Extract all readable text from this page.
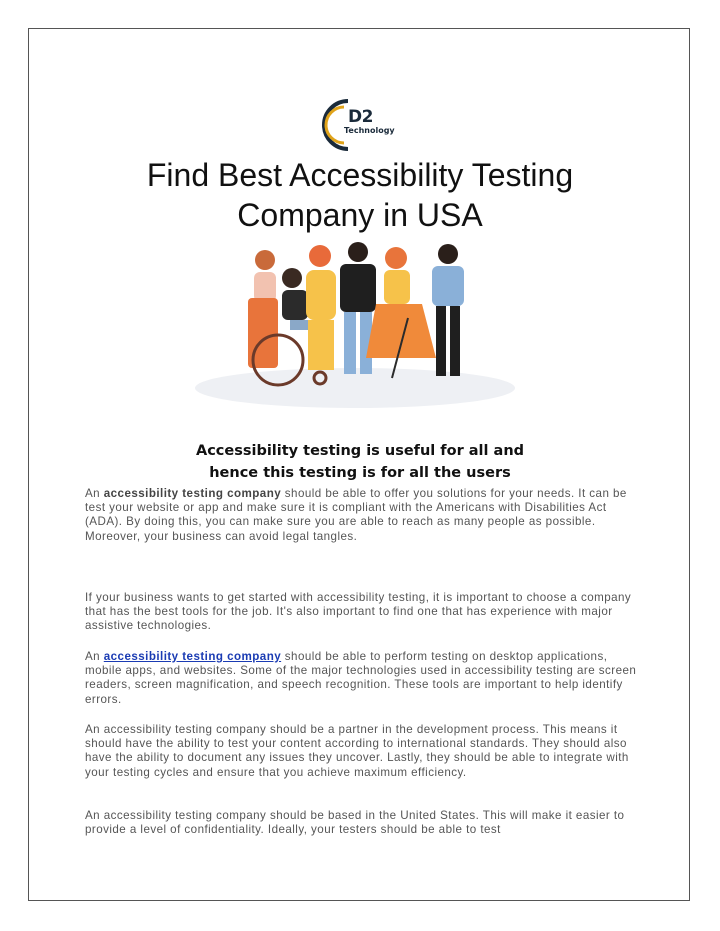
D2
Technology
Find Best Accessibility Testing
Company in USA
Accessibility testing is useful for all and
hence this testing is for all the users

An accessibility testing company should be able to offer you solutions for your needs. It can be test your website or app and make sure it is compliant with the Americans with Disabilities Act (ADA). By doing this, you can make sure you are able to reach as many people as possible. Moreover, your business can avoid legal tangles.

If your business wants to get started with accessibility testing, it is important to choose a company that has the best tools for the job. It's also important to find one that has experience with major assistive technologies.

An accessibility testing company should be able to perform testing on desktop applications, mobile apps, and websites. Some of the major technologies used in accessibility testing are screen readers, screen magnification, and speech recognition. These tools are important to help identify errors.

An accessibility testing company should be a partner in the development process. This means it should have the ability to test your content according to international standards. They should also have the ability to document any issues they uncover. Lastly, they should be able to integrate with your testing cycles and ensure that you achieve maximum efficiency.

An accessibility testing company should be based in the United States. This will make it easier to provide a level of confidentiality. Ideally, your testers should be able to test
